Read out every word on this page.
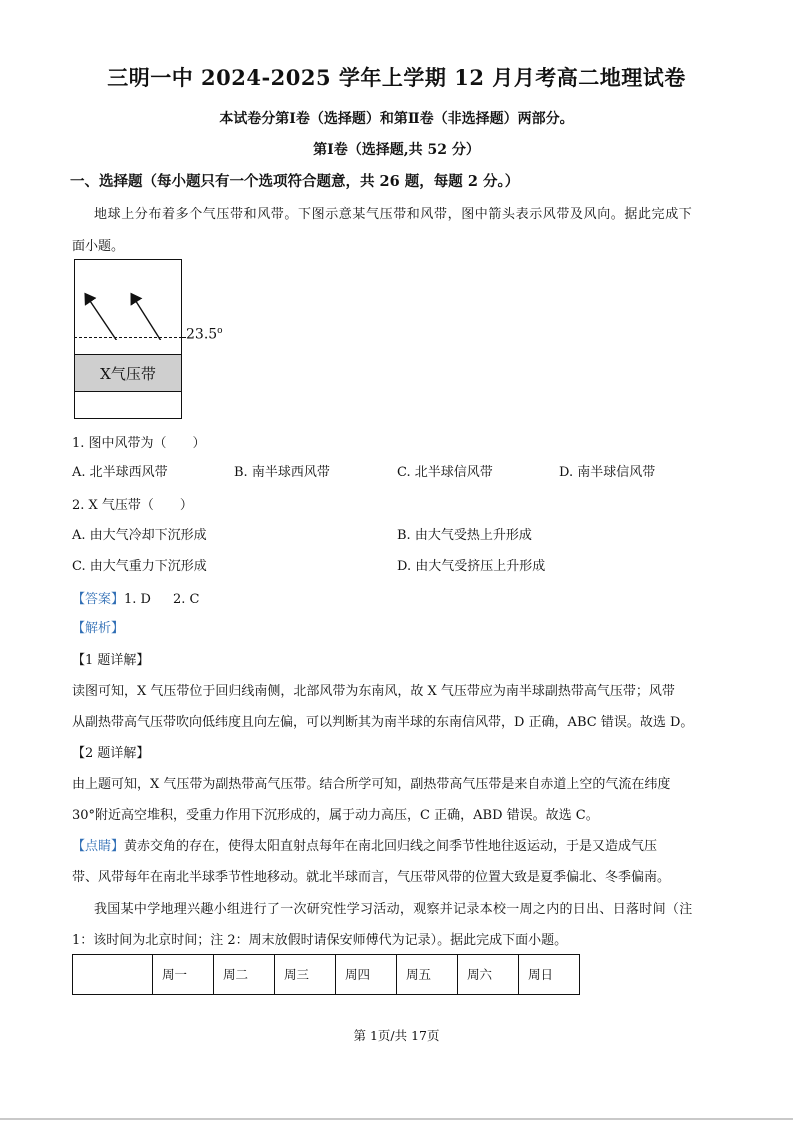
三明一中 2024-2025 学年上学期 12 月月考高二地理试卷
本试卷分第Ⅰ卷（选择题）和第Ⅱ卷（非选择题）两部分。
第Ⅰ卷（选择题,共 52 分）
一、选择题（每小题只有一个选项符合题意，共 26 题，每题 2 分。）
地球上分布着多个气压带和风带。下图示意某气压带和风带，图中箭头表示风带及风向。据此完成下
面小题。
X气压带
23.5$^o$
1. 图中风带为（　　）
A. 北半球西风带	B. 南半球西风带	C. 北半球信风带	D. 南半球信风带
2. X 气压带（　　）
A. 由大气冷却下沉形成	B. 由大气受热上升形成
C. 由大气重力下沉形成	D. 由大气受挤压上升形成
【答案】1. D 2. C
【解析】
【1 题详解】
读图可知，X 气压带位于回归线南侧，北部风带为东南风，故 X 气压带应为南半球副热带高气压带；风带
从副热带高气压带吹向低纬度且向左偏，可以判断其为南半球的东南信风带，D 正确，ABC 错误。故选 D。
【2 题详解】
由上题可知，X 气压带为副热带高气压带。结合所学可知，副热带高气压带是来自赤道上空的气流在纬度
30°附近高空堆积，受重力作用下沉形成的，属于动力高压，C 正确，ABD 错误。故选 C。
【点睛】黄赤交角的存在，使得太阳直射点每年在南北回归线之间季节性地往返运动，于是又造成气压
带、风带每年在南北半球季节性地移动。就北半球而言，气压带风带的位置大致是夏季偏北、冬季偏南。
我国某中学地理兴趣小组进行了一次研究性学习活动，观察并记录本校一周之内的日出、日落时间（注
1：该时间为北京时间；注 2：周末放假时请保安师傅代为记录）。据此完成下面小题。
	周一	周二	周三	周四	周五	周六	周日
第 1页/共 17页
